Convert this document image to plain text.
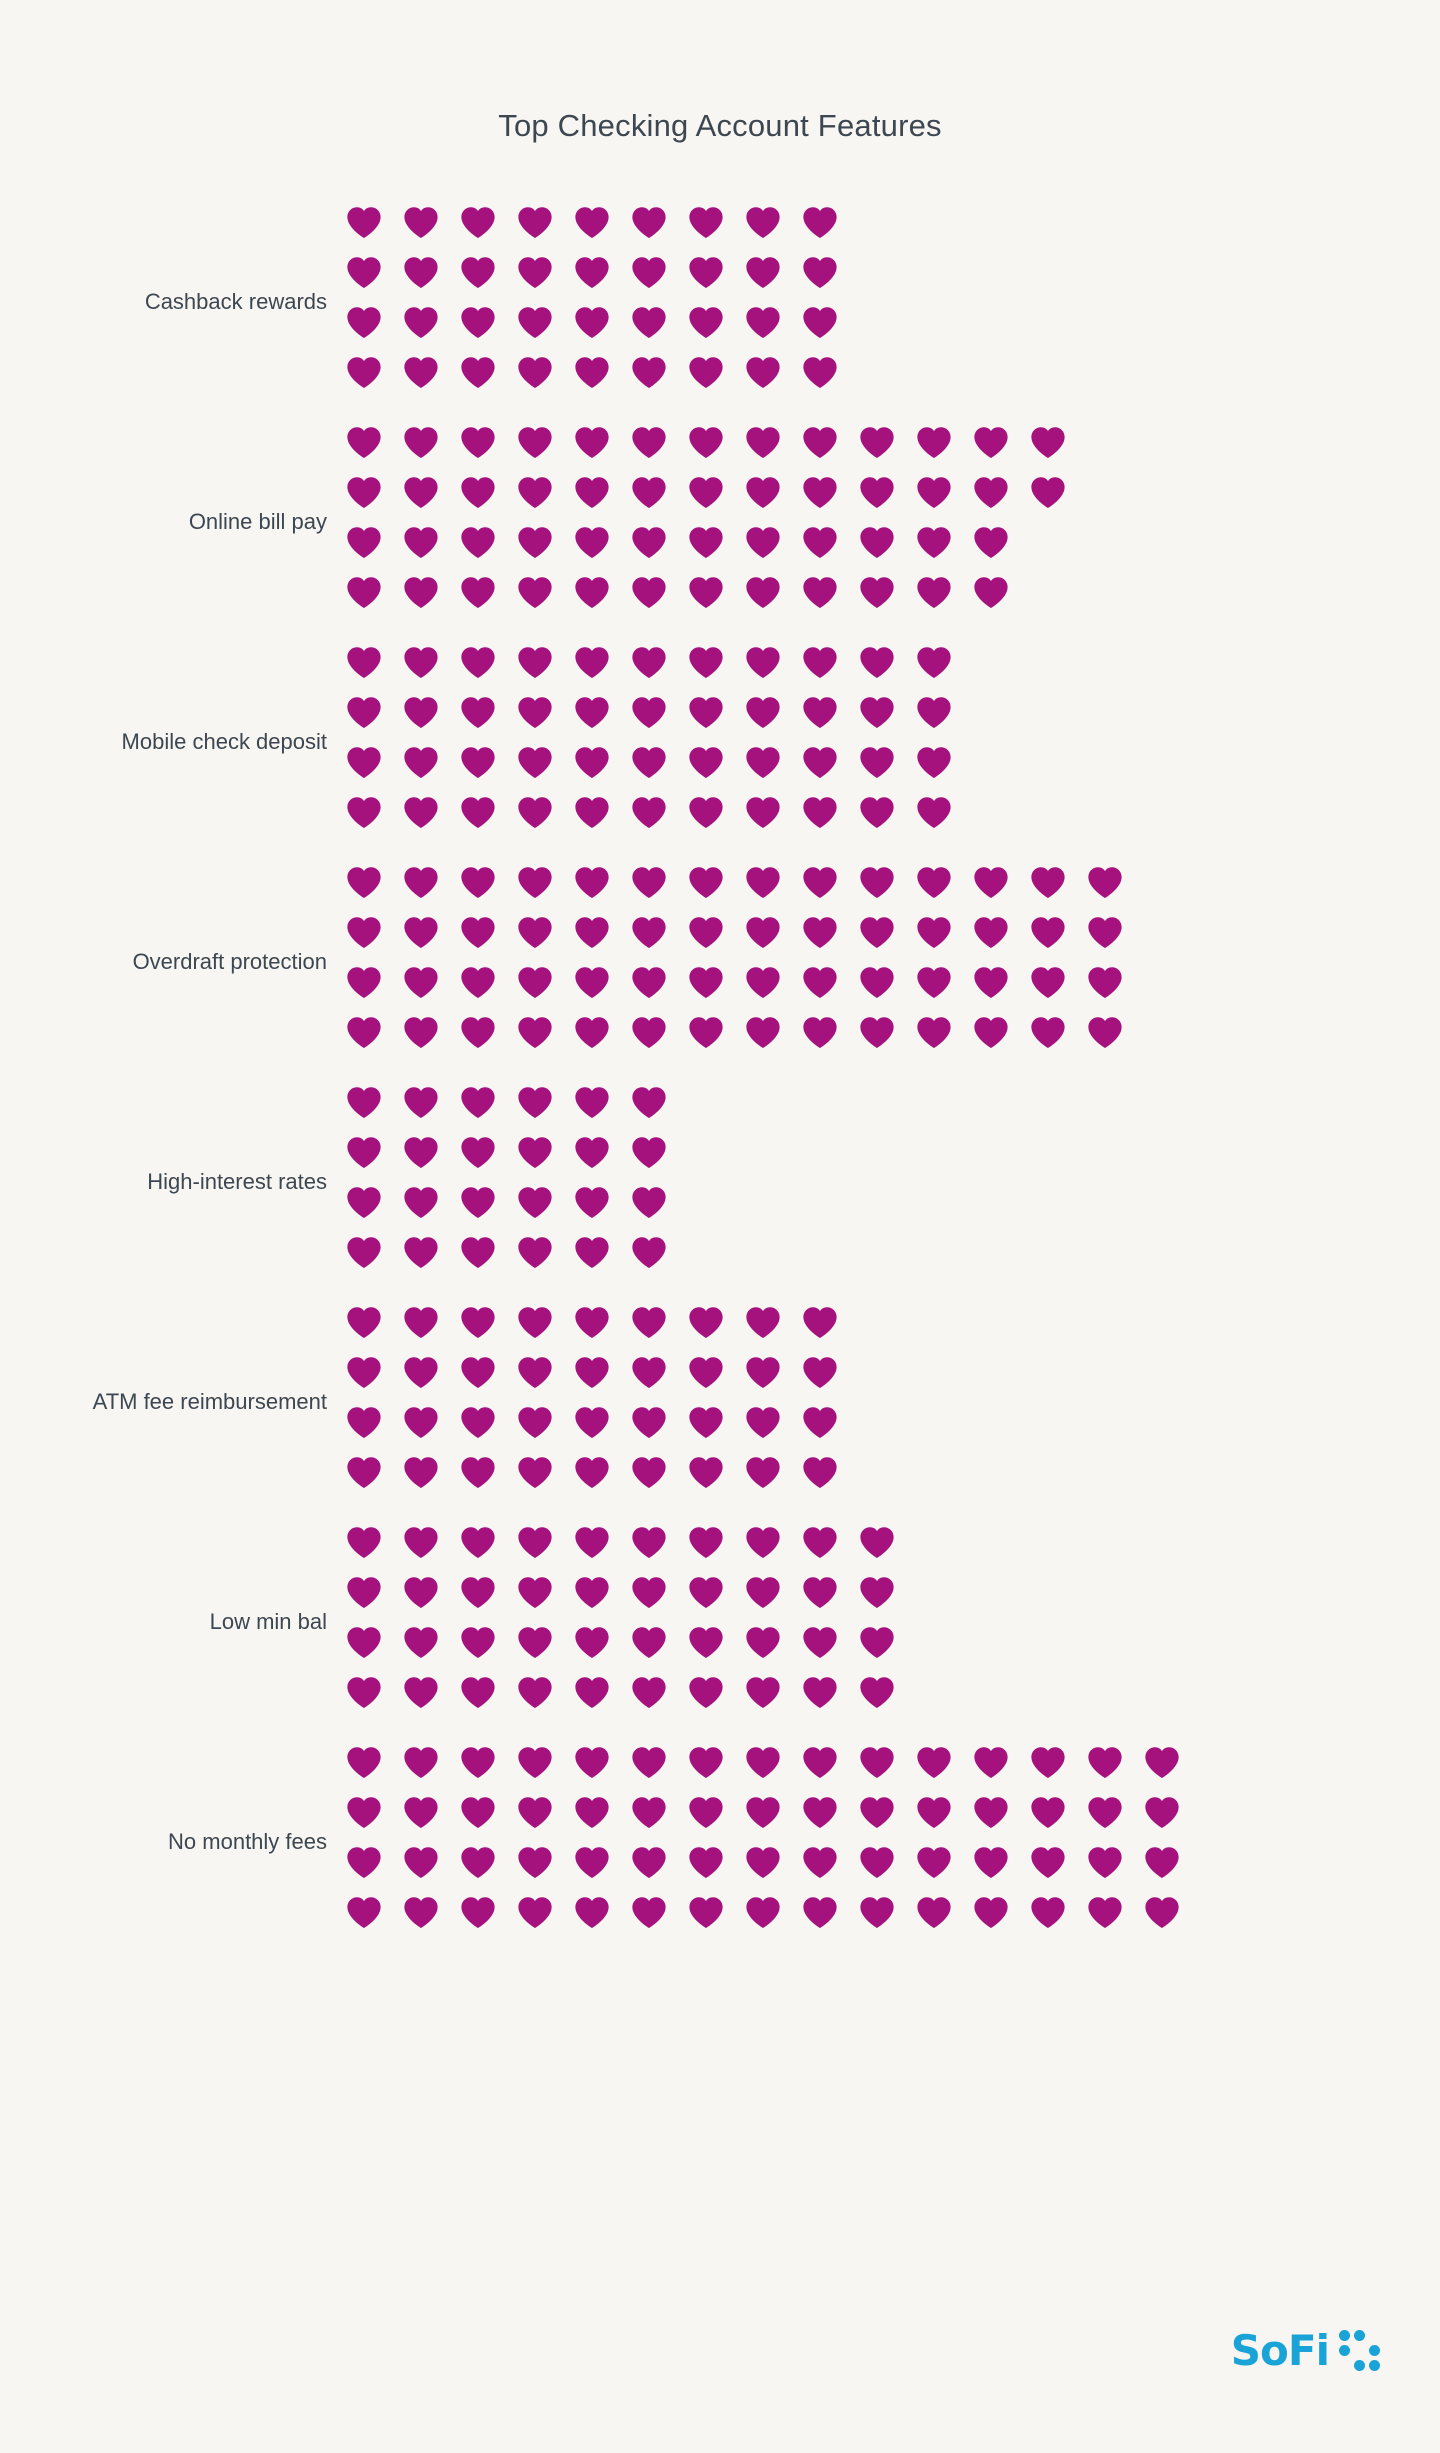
Top Checking Account Features
Cashback rewards
Online bill pay
Mobile check deposit
Overdraft protection
High-interest rates
ATM fee reimbursement
Low min bal
No monthly fees
SoFi
